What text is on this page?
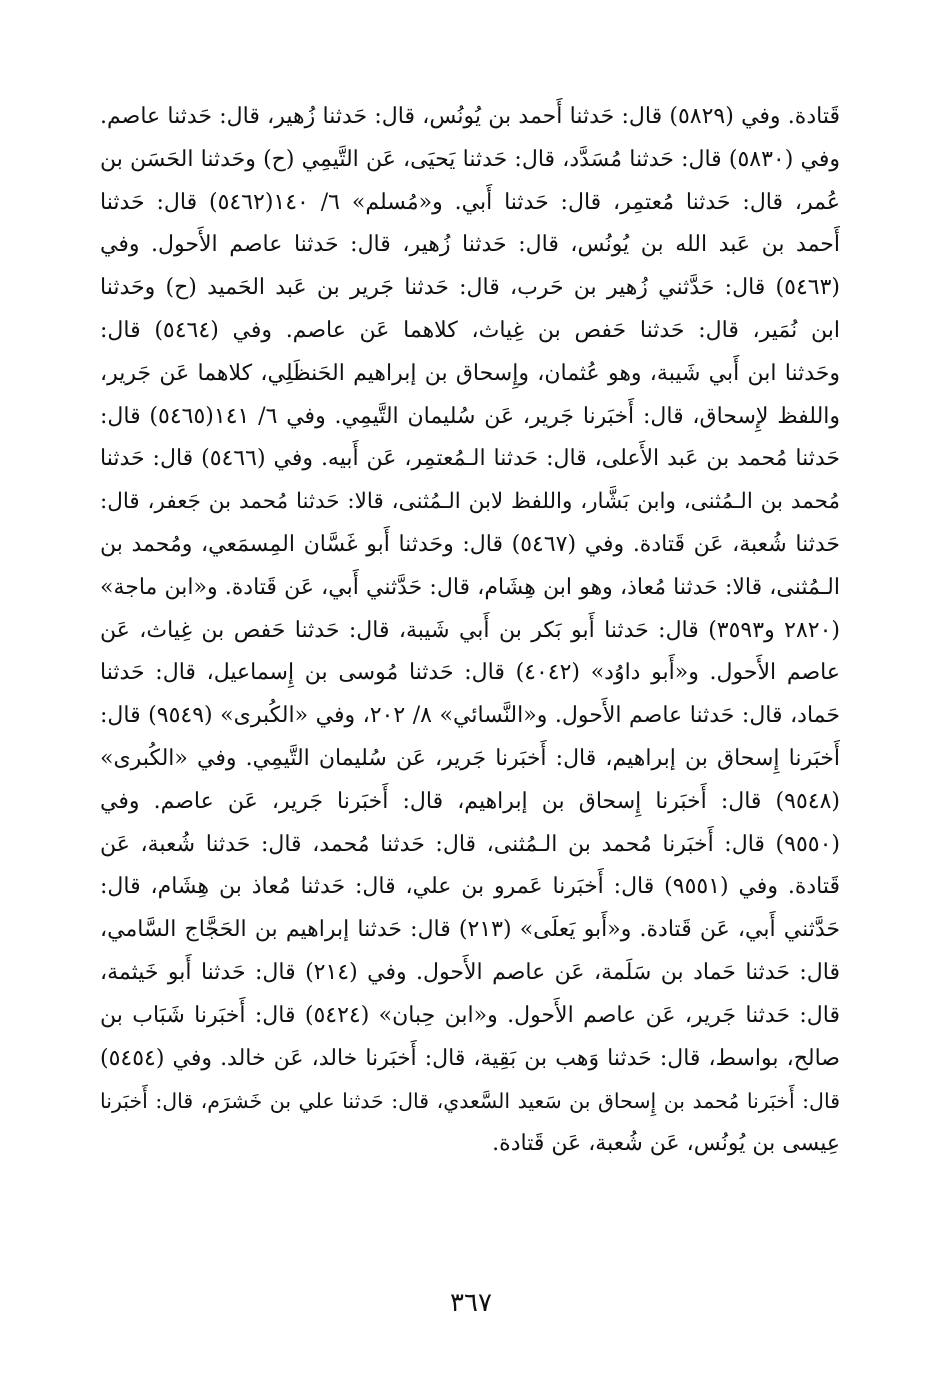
قَتادة. وفي (٥٨٢٩) قال: حَدثنا أَحمد بن يُونُس، قال: حَدثنا زُهير، قال: حَدثنا عاصم.
وفي (٥٨٣٠) قال: حَدثنا مُسَدَّد، قال: حَدثنا يَحيَى، عَن التَّيمِي (ح) وحَدثنا الحَسَن بن
عُمر، قال: حَدثنا مُعتمِر، قال: حَدثنا أَبي. و«مُسلم» ٦/ ١٤٠(٥٤٦٢) قال: حَدثنا
أَحمد بن عَبد الله بن يُونُس، قال: حَدثنا زُهير، قال: حَدثنا عاصم الأَحول. وفي
(٥٤٦٣) قال: حَدَّثني زُهير بن حَرب، قال: حَدثنا جَرير بن عَبد الحَميد (ح) وحَدثنا
ابن نُمَير، قال: حَدثنا حَفص بن غِياث، كلاهما عَن عاصم. وفي (٥٤٦٤) قال:
وحَدثنا ابن أَبي شَيبة، وهو عُثمان، وإِسحاق بن إبراهيم الحَنظَلِي، كلاهما عَن جَرير،
واللفظ لإِسحاق، قال: أَخبَرنا جَرير، عَن سُليمان التَّيمِي. وفي ٦/ ١٤١(٥٤٦٥) قال:
حَدثنا مُحمد بن عَبد الأَعلى، قال: حَدثنا الـمُعتمِر، عَن أَبيه. وفي (٥٤٦٦) قال: حَدثنا
مُحمد بن الـمُثنى، وابن بَشَّار، واللفظ لابن الـمُثنى، قالا: حَدثنا مُحمد بن جَعفر، قال:
حَدثنا شُعبة، عَن قَتادة. وفي (٥٤٦٧) قال: وحَدثنا أَبو غَسَّان المِسمَعي، ومُحمد بن
الـمُثنى، قالا: حَدثنا مُعاذ، وهو ابن هِشَام، قال: حَدَّثني أَبي، عَن قَتادة. و«ابن ماجة»
(٢٨٢٠ و٣٥٩٣) قال: حَدثنا أَبو بَكر بن أَبي شَيبة، قال: حَدثنا حَفص بن غِياث، عَن
عاصم الأَحول. و«أَبو داوُد» (٤٠٤٢) قال: حَدثنا مُوسى بن إِسماعيل، قال: حَدثنا
حَماد، قال: حَدثنا عاصم الأَحول. و«النَّسائي» ٨/ ٢٠٢، وفي «الكُبرى» (٩٥٤٩) قال:
أَخبَرنا إِسحاق بن إبراهيم، قال: أَخبَرنا جَرير، عَن سُليمان التَّيمِي. وفي «الكُبرى»
(٩٥٤٨) قال: أَخبَرنا إِسحاق بن إبراهيم، قال: أَخبَرنا جَرير، عَن عاصم. وفي
(٩٥٥٠) قال: أَخبَرنا مُحمد بن الـمُثنى، قال: حَدثنا مُحمد، قال: حَدثنا شُعبة، عَن
قَتادة. وفي (٩٥٥١) قال: أَخبَرنا عَمرو بن علي، قال: حَدثنا مُعاذ بن هِشَام، قال:
حَدَّثني أَبي، عَن قَتادة. و«أَبو يَعلَى» (٢١٣) قال: حَدثنا إبراهيم بن الحَجَّاج السَّامي،
قال: حَدثنا حَماد بن سَلَمة، عَن عاصم الأَحول. وفي (٢١٤) قال: حَدثنا أَبو خَيثمة،
قال: حَدثنا جَرير، عَن عاصم الأَحول. و«ابن حِبان» (٥٤٢٤) قال: أَخبَرنا شَبَاب بن
صالح، بواسط، قال: حَدثنا وَهب بن بَقِية، قال: أَخبَرنا خالد، عَن خالد. وفي (٥٤٥٤)
قال: أَخبَرنا مُحمد بن إِسحاق بن سَعيد السَّعدي، قال: حَدثنا علي بن خَشرَم، قال: أَخبَرنا
عِيسى بن يُونُس، عَن شُعبة، عَن قَتادة.
٣٦٧
